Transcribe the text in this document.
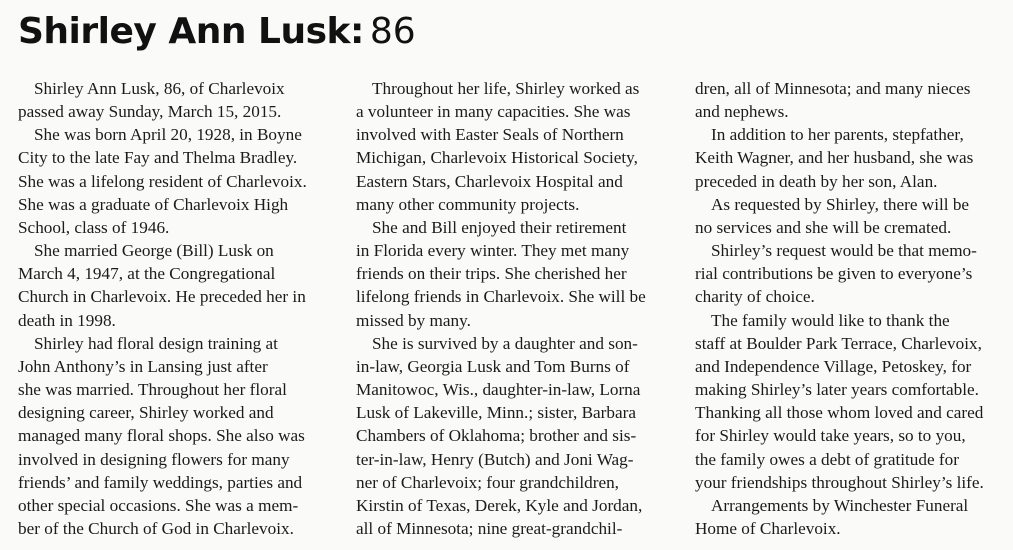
Shirley Ann Lusk: 86

Shirley Ann Lusk, 86, of Charlevoix
passed away Sunday, March 15, 2015.

She was born April 20, 1928, in Boyne
City to the late Fay and Thelma Bradley.
She was a lifelong resident of Charlevoix.
She was a graduate of Charlevoix High
School, class of 1946.

She married George (Bill) Lusk on
March 4, 1947, at the Congregational
Church in Charlevoix. He preceded her in
death in 1998.

Shirley had floral design training at
John Anthony’s in Lansing just after
she was married. Throughout her floral
designing career, Shirley worked and
managed many floral shops. She also was
involved in designing flowers for many
friends’ and family weddings, parties and
other special occasions. She was a mem-
ber of the Church of God in Charlevoix.

Throughout her life, Shirley worked as
a volunteer in many capacities. She was
involved with Easter Seals of Northern
Michigan, Charlevoix Historical Society,
Eastern Stars, Charlevoix Hospital and
many other community projects.

She and Bill enjoyed their retirement
in Florida every winter. They met many
friends on their trips. She cherished her
lifelong friends in Charlevoix. She will be
missed by many.

She is survived by a daughter and son-
in-law, Georgia Lusk and Tom Burns of
Manitowoc, Wis., daughter-in-law, Lorna
Lusk of Lakeville, Minn.; sister, Barbara
Chambers of Oklahoma; brother and sis-
ter-in-law, Henry (Butch) and Joni Wag-
ner of Charlevoix; four grandchildren,
Kirstin of Texas, Derek, Kyle and Jordan,
all of Minnesota; nine great-grandchil-

dren, all of Minnesota; and many nieces
and nephews.

In addition to her parents, stepfather,
Keith Wagner, and her husband, she was
preceded in death by her son, Alan.

As requested by Shirley, there will be
no services and she will be cremated.

Shirley’s request would be that memo-
rial contributions be given to everyone’s
charity of choice.

The family would like to thank the
staff at Boulder Park Terrace, Charlevoix,
and Independence Village, Petoskey, for
making Shirley’s later years comfortable.
Thanking all those whom loved and cared
for Shirley would take years, so to you,
the family owes a debt of gratitude for
your friendships throughout Shirley’s life.

Arrangements by Winchester Funeral
Home of Charlevoix.
